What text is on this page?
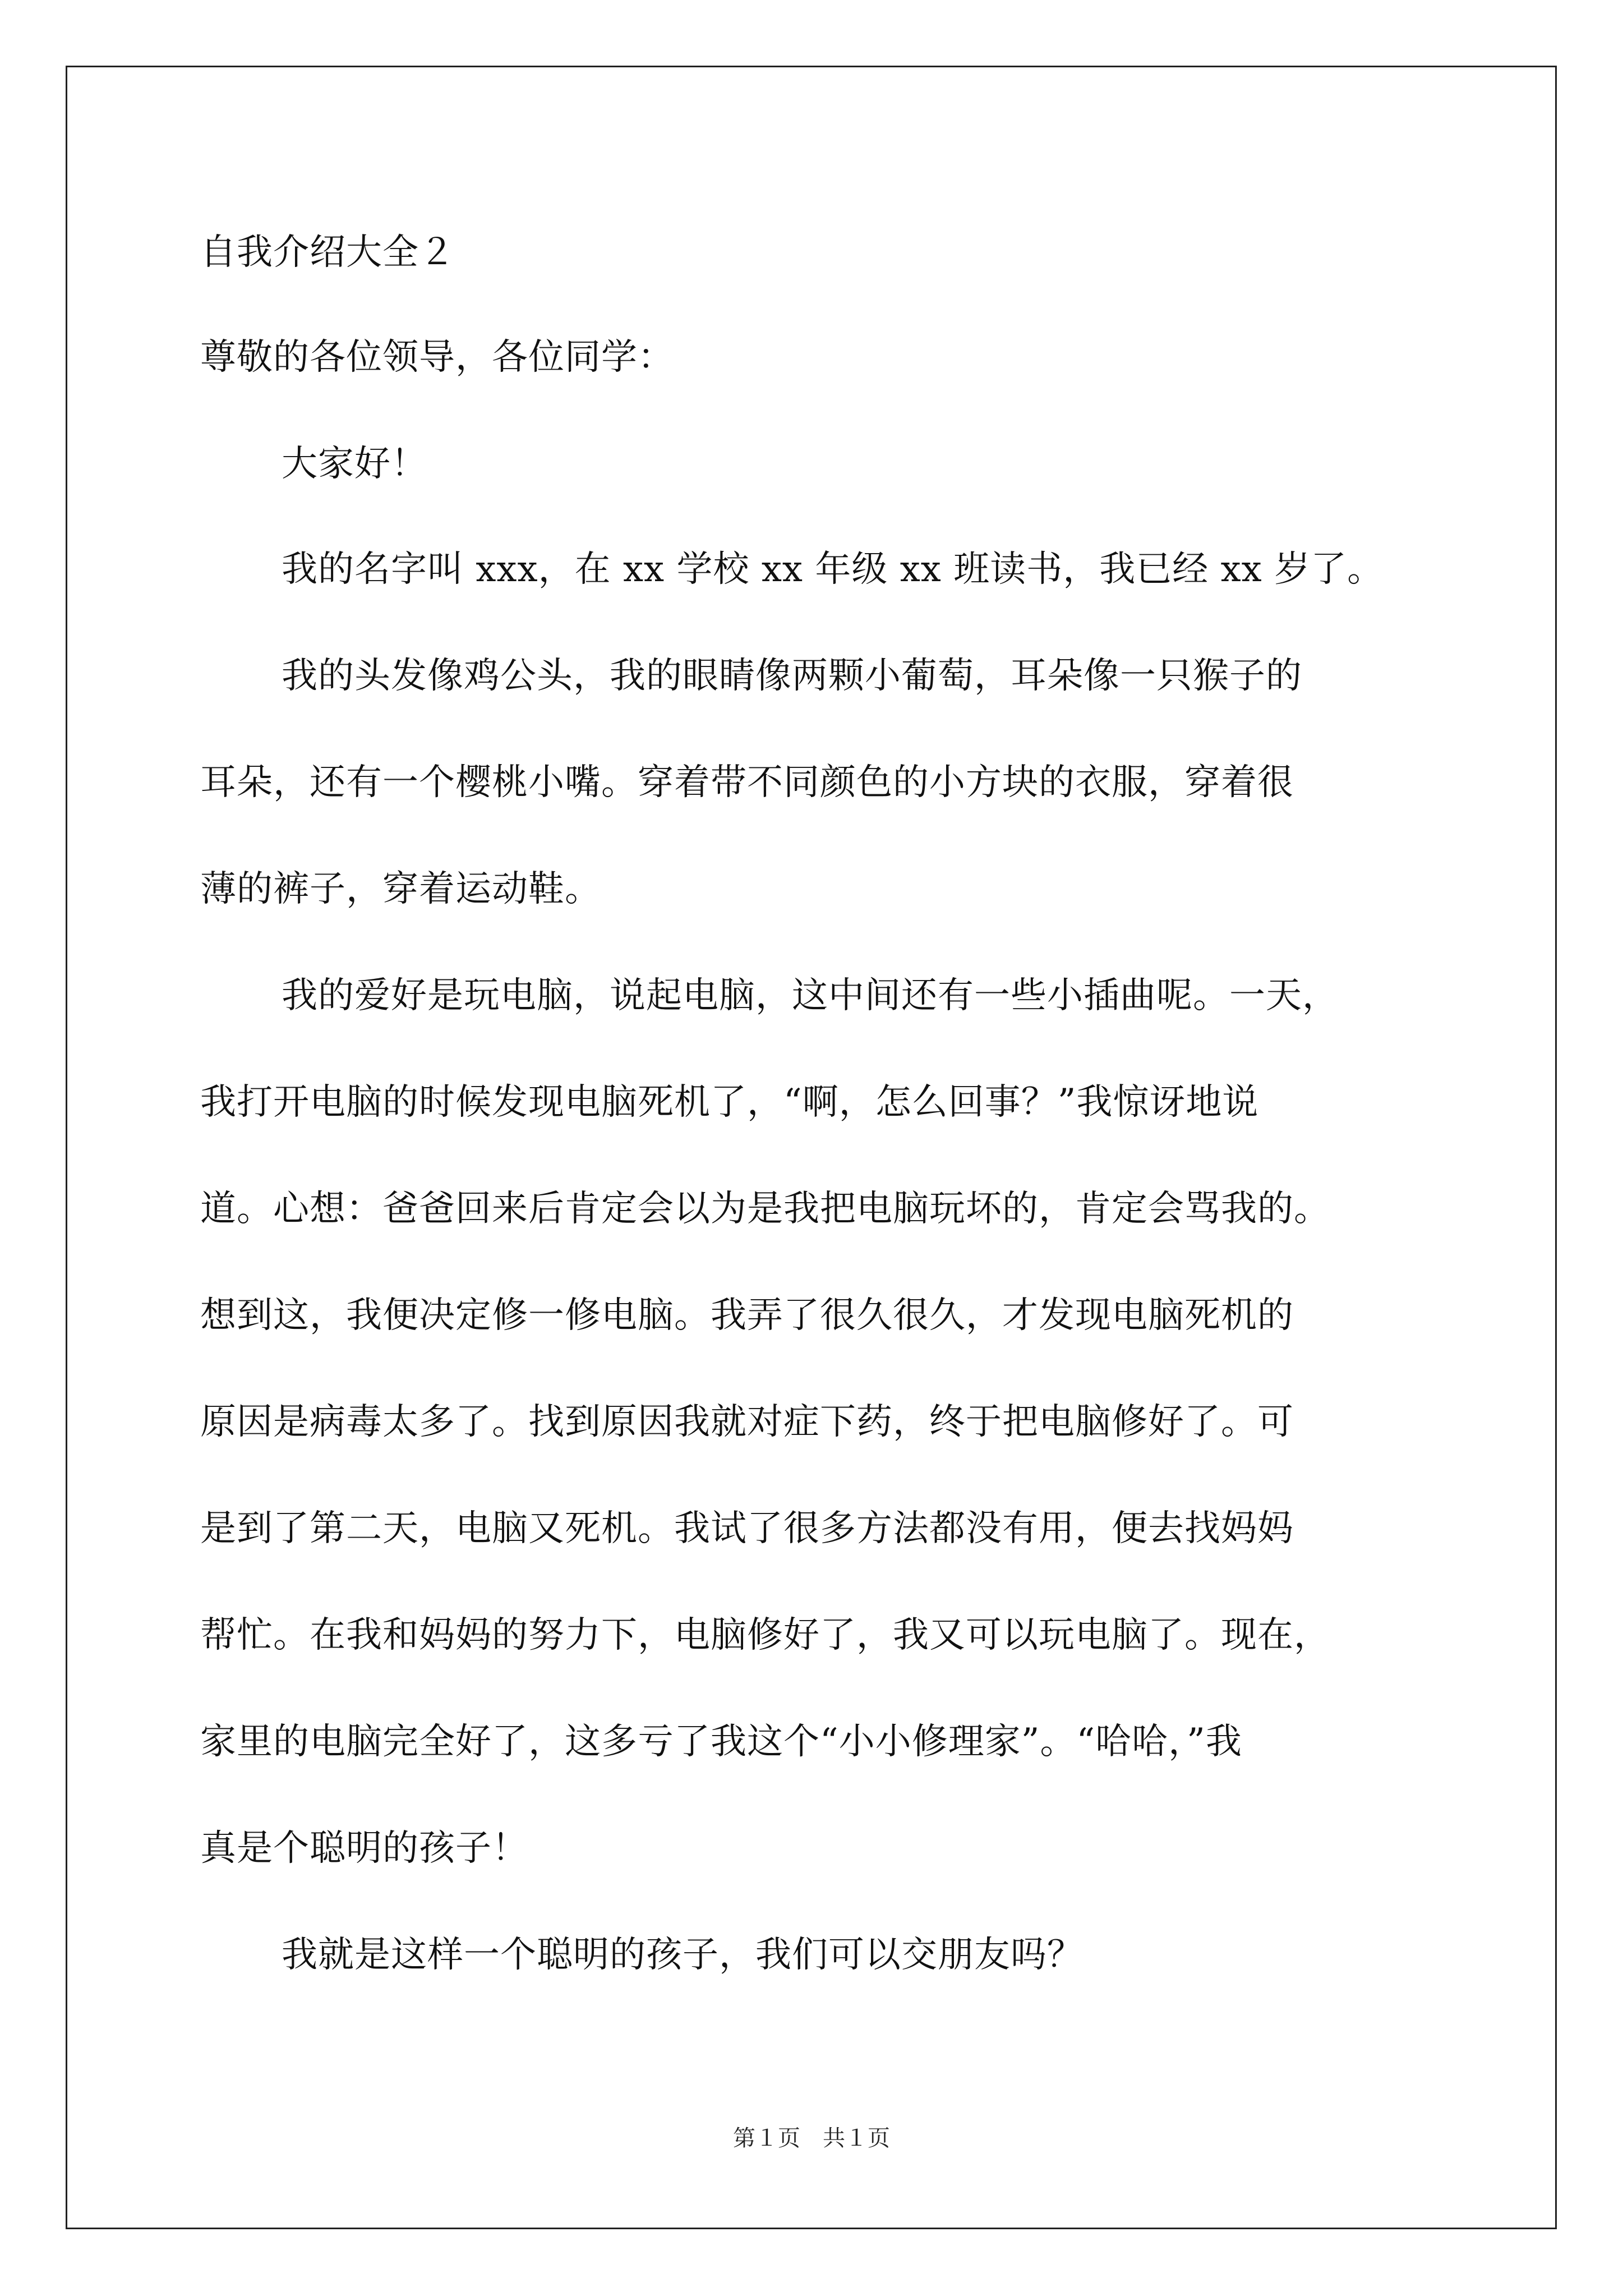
自我介绍大全２
尊敬的各位领导，各位同学：
大家好！
我的名字叫 xxx，在 xx 学校 xx 年级 xx 班读书，我已经 xx 岁了。
我的头发像鸡公头，我的眼睛像两颗小葡萄，耳朵像一只猴子的
耳朵，还有一个樱桃小嘴。穿着带不同颜色的小方块的衣服，穿着很
薄的裤子，穿着运动鞋。
我的爱好是玩电脑，说起电脑，这中间还有一些小插曲呢。一天，
我打开电脑的时候发现电脑死机了，“啊，怎么回事？”我惊讶地说
道。心想：爸爸回来后肯定会以为是我把电脑玩坏的，肯定会骂我的。
想到这，我便决定修一修电脑。我弄了很久很久，才发现电脑死机的
原因是病毒太多了。找到原因我就对症下药，终于把电脑修好了。可
是到了第二天，电脑又死机。我试了很多方法都没有用，便去找妈妈
帮忙。在我和妈妈的努力下，电脑修好了，我又可以玩电脑了。现在，
家里的电脑完全好了，这多亏了我这个“小小修理家”。“哈哈，”我
真是个聪明的孩子！
我就是这样一个聪明的孩子，我们可以交朋友吗？
第１页　共１页
